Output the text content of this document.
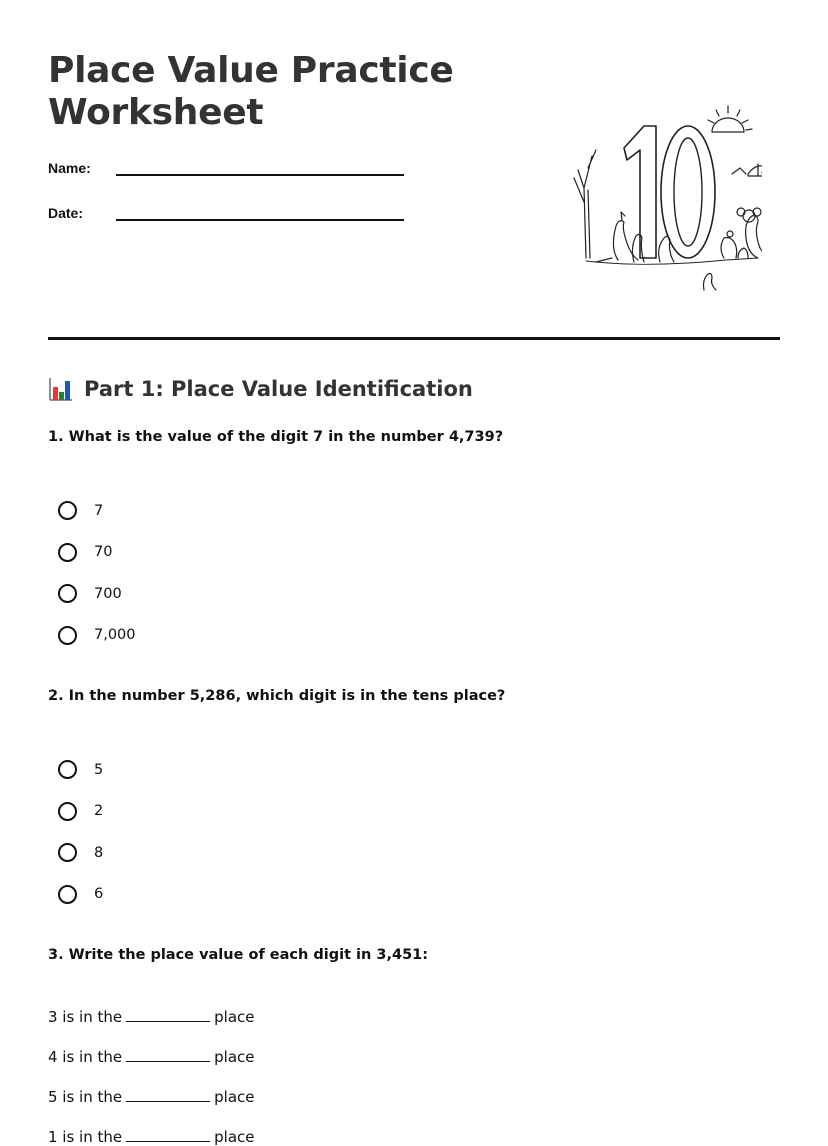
Place Value Practice Worksheet
Name:
Date:
Part 1: Place Value Identification
1. What is the value of the digit 7 in the number 4,739?
7
70
700
7,000
2. In the number 5,286, which digit is in the tens place?
5
2
8
6
3. Write the place value of each digit in 3,451:
3 is in the	place
4 is in the	place
5 is in the	place
1 is in the	place
